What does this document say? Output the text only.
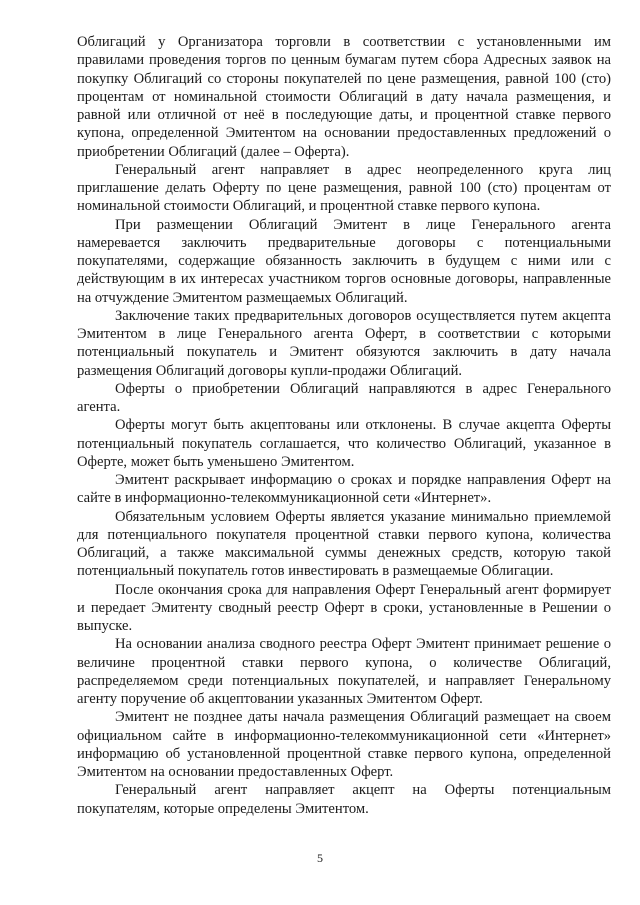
Облигаций у Организатора торговли в соответствии с установленными им правилами проведения торгов по ценным бумагам путем сбора Адресных заявок на покупку Облигаций со стороны покупателей по цене размещения, равной 100 (сто) процентам от номинальной стоимости Облигаций в дату начала размещения, и равной или отличной от неё в последующие даты, и процентной ставке первого купона, определенной Эмитентом на основании предоставленных предложений о приобретении Облигаций (далее – Оферта).

Генеральный агент направляет в адрес неопределенного круга лиц приглашение делать Оферту по цене размещения, равной 100 (сто) процентам от номинальной стоимости Облигаций, и процентной ставке первого купона.

При размещении Облигаций Эмитент в лице Генерального агента намеревается заключить предварительные договоры с потенциальными покупателями, содержащие обязанность заключить в будущем с ними или с действующим в их интересах участником торгов основные договоры, направленные на отчуждение Эмитентом размещаемых Облигаций.

Заключение таких предварительных договоров осуществляется путем акцепта Эмитентом в лице Генерального агента Оферт, в соответствии с которыми потенциальный покупатель и Эмитент обязуются заключить в дату начала размещения Облигаций договоры купли-продажи Облигаций.

Оферты о приобретении Облигаций направляются в адрес Генерального агента.

Оферты могут быть акцептованы или отклонены. В случае акцепта Оферты потенциальный покупатель соглашается, что количество Облигаций, указанное в Оферте, может быть уменьшено Эмитентом.

Эмитент раскрывает информацию о сроках и порядке направления Оферт на сайте в информационно-телекоммуникационной сети «Интернет».

Обязательным условием Оферты является указание минимально приемлемой для потенциального покупателя процентной ставки первого купона, количества Облигаций, а также максимальной суммы денежных средств, которую такой потенциальный покупатель готов инвестировать в размещаемые Облигации.

После окончания срока для направления Оферт Генеральный агент формирует и передает Эмитенту сводный реестр Оферт в сроки, установленные в Решении о выпуске.

На основании анализа сводного реестра Оферт Эмитент принимает решение о величине процентной ставки первого купона, о количестве Облигаций, распределяемом среди потенциальных покупателей, и направляет Генеральному агенту поручение об акцептовании указанных Эмитентом Оферт.

Эмитент не позднее даты начала размещения Облигаций размещает на своем официальном сайте в информационно-телекоммуникационной сети «Интернет» информацию об установленной процентной ставке первого купона, определенной Эмитентом на основании предоставленных Оферт.

Генеральный агент направляет акцепт на Оферты потенциальным покупателям, которые определены Эмитентом.

5
